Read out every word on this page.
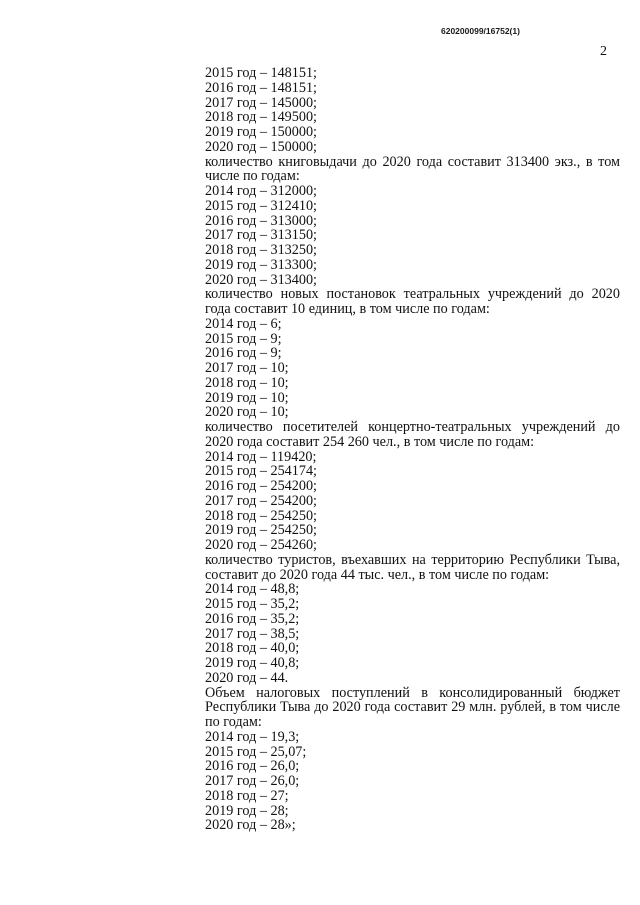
620200099/16752(1)
2
2015 год – 148151;
2016 год – 148151;
2017 год – 145000;
2018 год – 149500;
2019 год – 150000;
2020 год – 150000;

количество книговыдачи до 2020 года составит 313400 экз., в том числе по годам:

2014 год – 312000;
2015 год – 312410;
2016 год – 313000;
2017 год – 313150;
2018 год – 313250;
2019 год – 313300;
2020 год – 313400;

количество новых постановок театральных учреждений до 2020 года составит 10 единиц, в том числе по годам:

2014 год – 6;
2015 год – 9;
2016 год – 9;
2017 год – 10;
2018 год – 10;
2019 год – 10;
2020 год – 10;

количество посетителей концертно-театральных учреждений до 2020 года составит 254 260 чел., в том числе по годам:

2014 год – 119420;
2015 год – 254174;
2016 год – 254200;
2017 год – 254200;
2018 год – 254250;
2019 год – 254250;
2020 год – 254260;

количество туристов, въехавших на территорию Республики Тыва, составит до 2020 года 44 тыс. чел., в том числе по годам:

2014 год – 48,8;
2015 год – 35,2;
2016 год – 35,2;
2017 год – 38,5;
2018 год – 40,0;
2019 год – 40,8;
2020 год – 44.

Объем налоговых поступлений в консолидированный бюджет Республики Тыва до 2020 года составит 29 млн. рублей, в том числе по годам:

2014 год – 19,3;
2015 год – 25,07;
2016 год – 26,0;
2017 год – 26,0;
2018 год – 27;
2019 год – 28;
2020 год – 28»;
